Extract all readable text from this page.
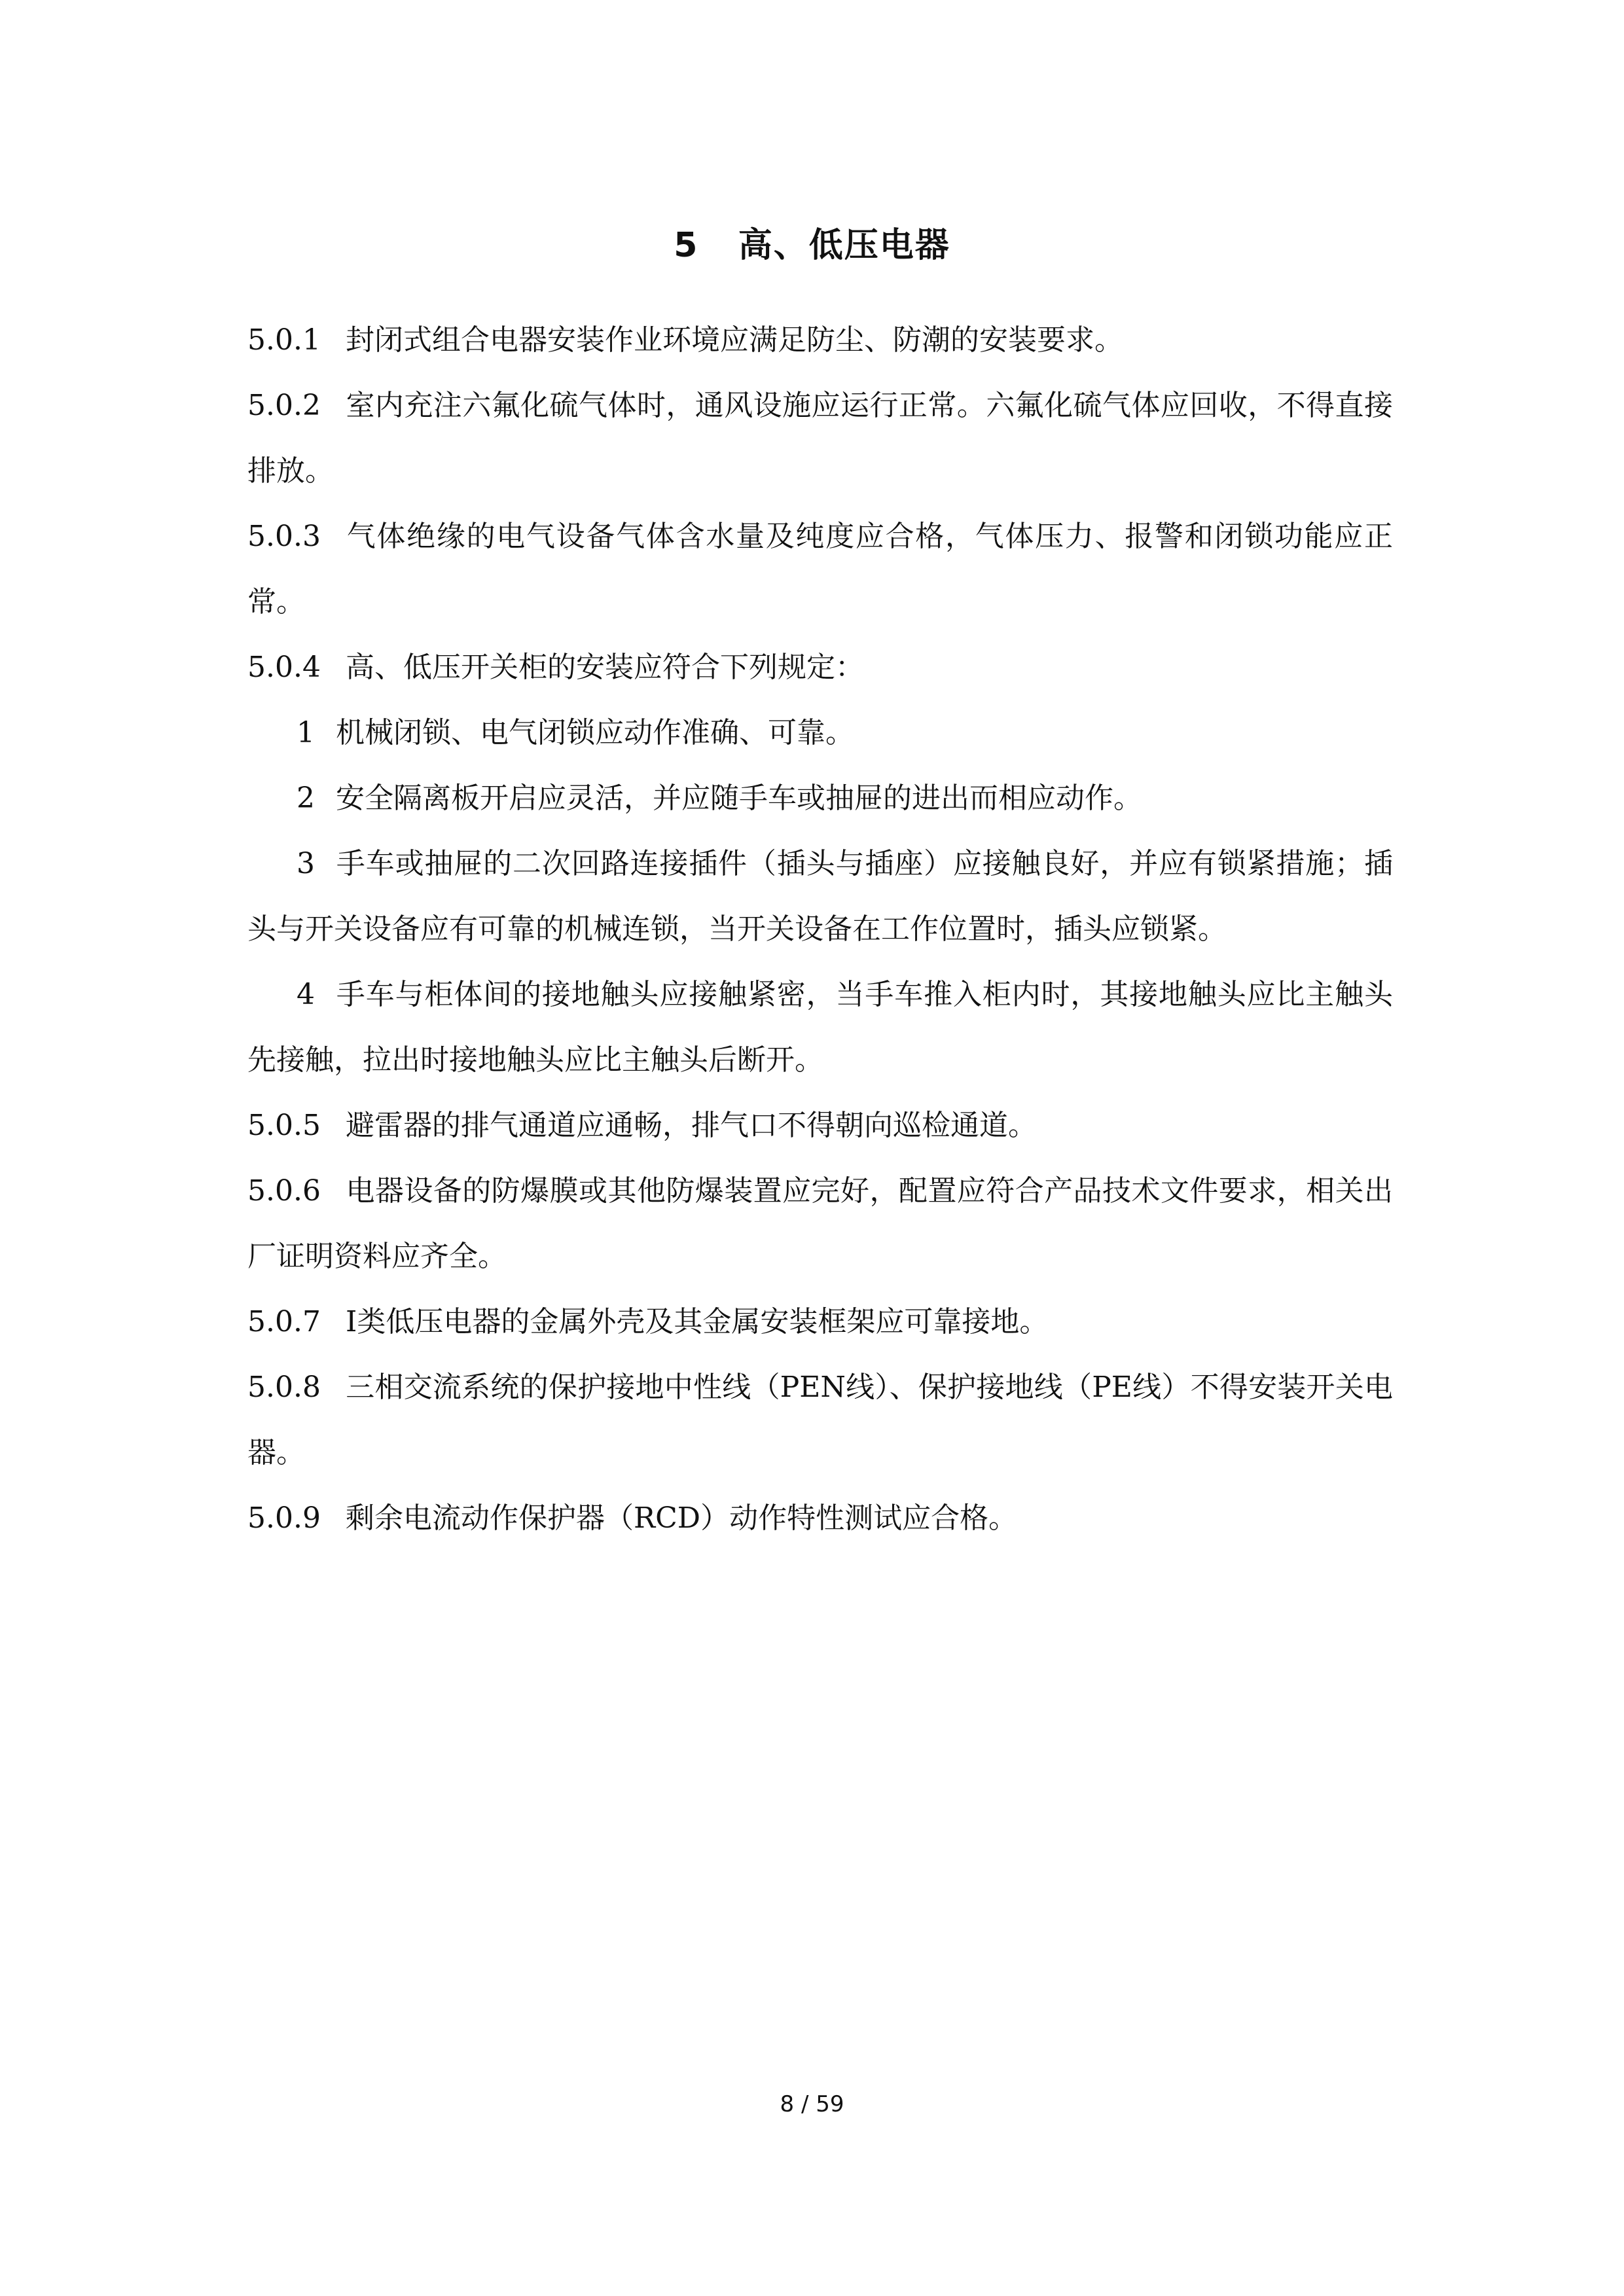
5   高、低压电器

5.0.1 封闭式组合电器安装作业环境应满足防尘、防潮的安装要求。

5.0.2 室内充注六氟化硫气体时，通风设施应运行正常。六氟化硫气体应回收，不得直接排放。

5.0.3 气体绝缘的电气设备气体含水量及纯度应合格，气体压力、报警和闭锁功能应正常。

5.0.4 高、低压开关柜的安装应符合下列规定：

1 机械闭锁、电气闭锁应动作准确、可靠。

2 安全隔离板开启应灵活，并应随手车或抽屉的进出而相应动作。

3 手车或抽屉的二次回路连接插件（插头与插座）应接触良好，并应有锁紧措施；插头与开关设备应有可靠的机械连锁，当开关设备在工作位置时，插头应锁紧。

4 手车与柜体间的接地触头应接触紧密，当手车推入柜内时，其接地触头应比主触头先接触，拉出时接地触头应比主触头后断开。

5.0.5 避雷器的排气通道应通畅，排气口不得朝向巡检通道。

5.0.6 电器设备的防爆膜或其他防爆装置应完好，配置应符合产品技术文件要求，相关出厂证明资料应齐全。

5.0.7 I类低压电器的金属外壳及其金属安装框架应可靠接地。

5.0.8 三相交流系统的保护接地中性线（PEN线）、保护接地线（PE线）不得安装开关电器。

5.0.9 剩余电流动作保护器（RCD）动作特性测试应合格。

8 / 59
